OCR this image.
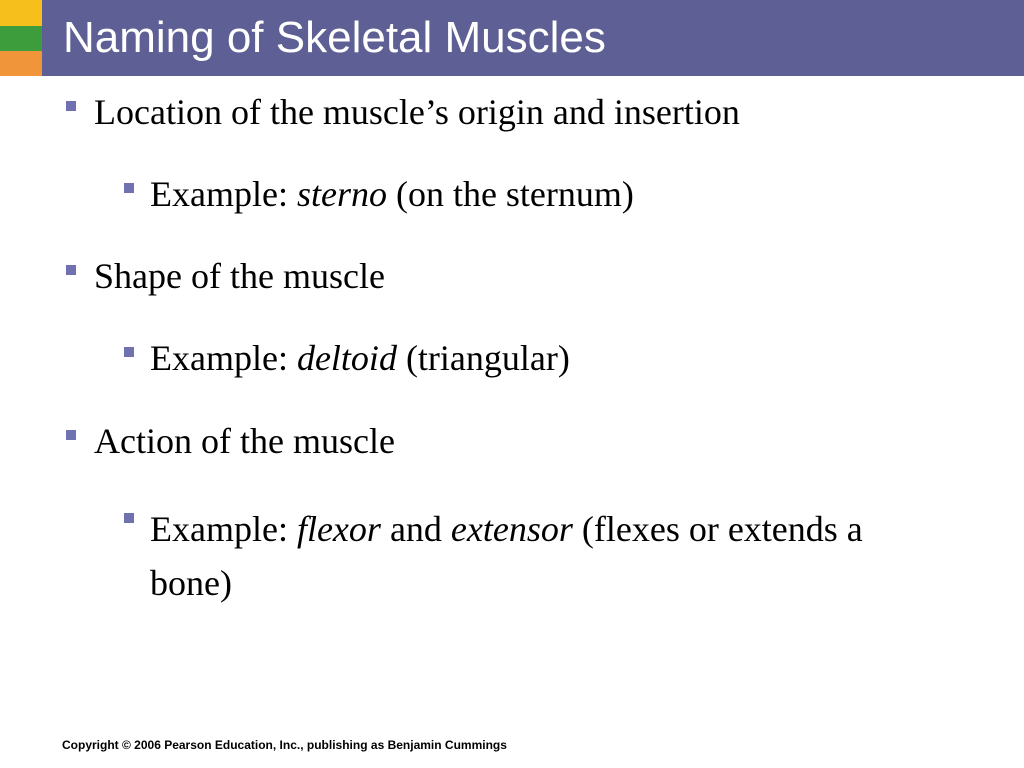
Naming of Skeletal Muscles
Location of the muscle’s origin and insertion
Example: sterno (on the sternum)
Shape of the muscle
Example: deltoid (triangular)
Action of the muscle
Example: flexor and extensor (flexes or extends a bone)
Copyright © 2006 Pearson Education, Inc., publishing as Benjamin Cummings
